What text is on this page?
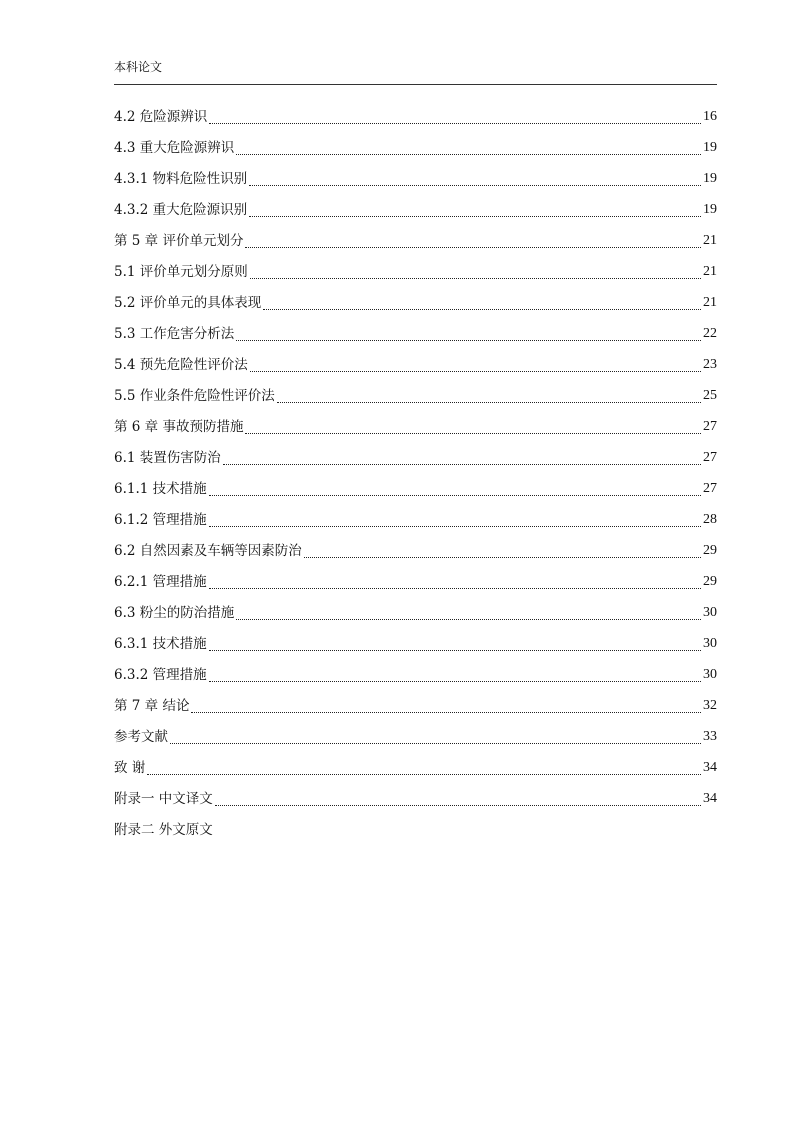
本科论文
4.2 危险源辨识	16
4.3 重大危险源辨识	19
4.3.1 物料危险性识别	19
4.3.2 重大危险源识别	19
第 5 章 评价单元划分	21
5.1 评价单元划分原则	21
5.2 评价单元的具体表现	21
5.3 工作危害分析法	22
5.4 预先危险性评价法	23
5.5 作业条件危险性评价法	25
第 6 章 事故预防措施	27
6.1 装置伤害防治	27
6.1.1 技术措施	27
6.1.2 管理措施	28
6.2 自然因素及车辆等因素防治	29
6.2.1 管理措施	29
6.3 粉尘的防治措施	30
6.3.1 技术措施	30
6.3.2 管理措施	30
第 7 章 结论	32
参考文献	33
致 谢	34
附录一 中文译文	34
附录二 外文原文
